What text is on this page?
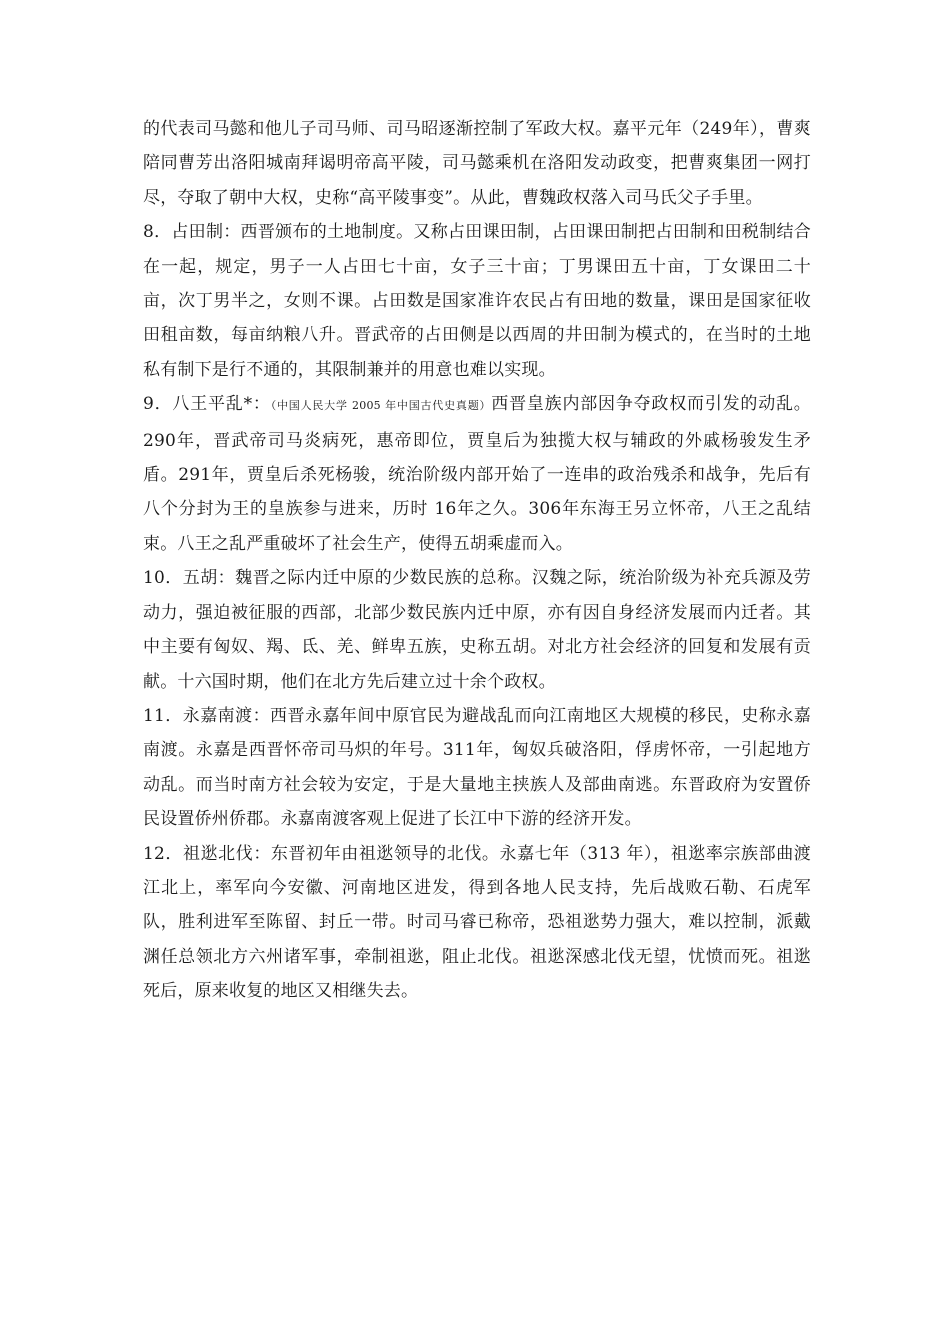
的代表司马懿和他儿子司马师、司马昭逐渐控制了军政大权。嘉平元年（249年），曹爽陪同曹芳出洛阳城南拜谒明帝高平陵，司马懿乘机在洛阳发动政变，把曹爽集团一网打尽，夺取了朝中大权，史称“高平陵事变”。从此，曹魏政权落入司马氏父子手里。

8．占田制：西晋颁布的土地制度。又称占田课田制，占田课田制把占田制和田税制结合在一起，规定，男子一人占田七十亩，女子三十亩；丁男课田五十亩，丁女课田二十亩，次丁男半之，女则不课。占田数是国家准许农民占有田地的数量，课田是国家征收田租亩数，每亩纳粮八升。晋武帝的占田侧是以西周的井田制为模式的，在当时的土地私有制下是行不通的，其限制兼并的用意也难以实现。

9．八王平乱*：（中国人民大学 2005 年中国古代史真题）西晋皇族内部因争夺政权而引发的动乱。290年，晋武帝司马炎病死，惠帝即位，贾皇后为独揽大权与辅政的外戚杨骏发生矛盾。291年，贾皇后杀死杨骏，统治阶级内部开始了一连串的政治残杀和战争，先后有八个分封为王的皇族参与进来，历时 16年之久。306年东海王另立怀帝，八王之乱结束。八王之乱严重破坏了社会生产，使得五胡乘虚而入。

10．五胡：魏晋之际内迁中原的少数民族的总称。汉魏之际，统治阶级为补充兵源及劳动力，强迫被征服的西部，北部少数民族内迁中原，亦有因自身经济发展而内迁者。其中主要有匈奴、羯、氐、羌、鲜卑五族，史称五胡。对北方社会经济的回复和发展有贡献。十六国时期，他们在北方先后建立过十余个政权。

11．永嘉南渡：西晋永嘉年间中原官民为避战乱而向江南地区大规模的移民，史称永嘉南渡。永嘉是西晋怀帝司马炽的年号。311年，匈奴兵破洛阳，俘虏怀帝，一引起地方动乱。而当时南方社会较为安定，于是大量地主挟族人及部曲南逃。东晋政府为安置侨民设置侨州侨郡。永嘉南渡客观上促进了长江中下游的经济开发。

12．祖逖北伐：东晋初年由祖逖领导的北伐。永嘉七年（313 年），祖逖率宗族部曲渡江北上，率军向今安徽、河南地区进发，得到各地人民支持，先后战败石勒、石虎军队，胜利进军至陈留、封丘一带。时司马睿已称帝，恐祖逖势力强大，难以控制，派戴渊任总领北方六州诸军事，牵制祖逖，阻止北伐。祖逖深感北伐无望，忧愤而死。祖逖死后，原来收复的地区又相继失去。
